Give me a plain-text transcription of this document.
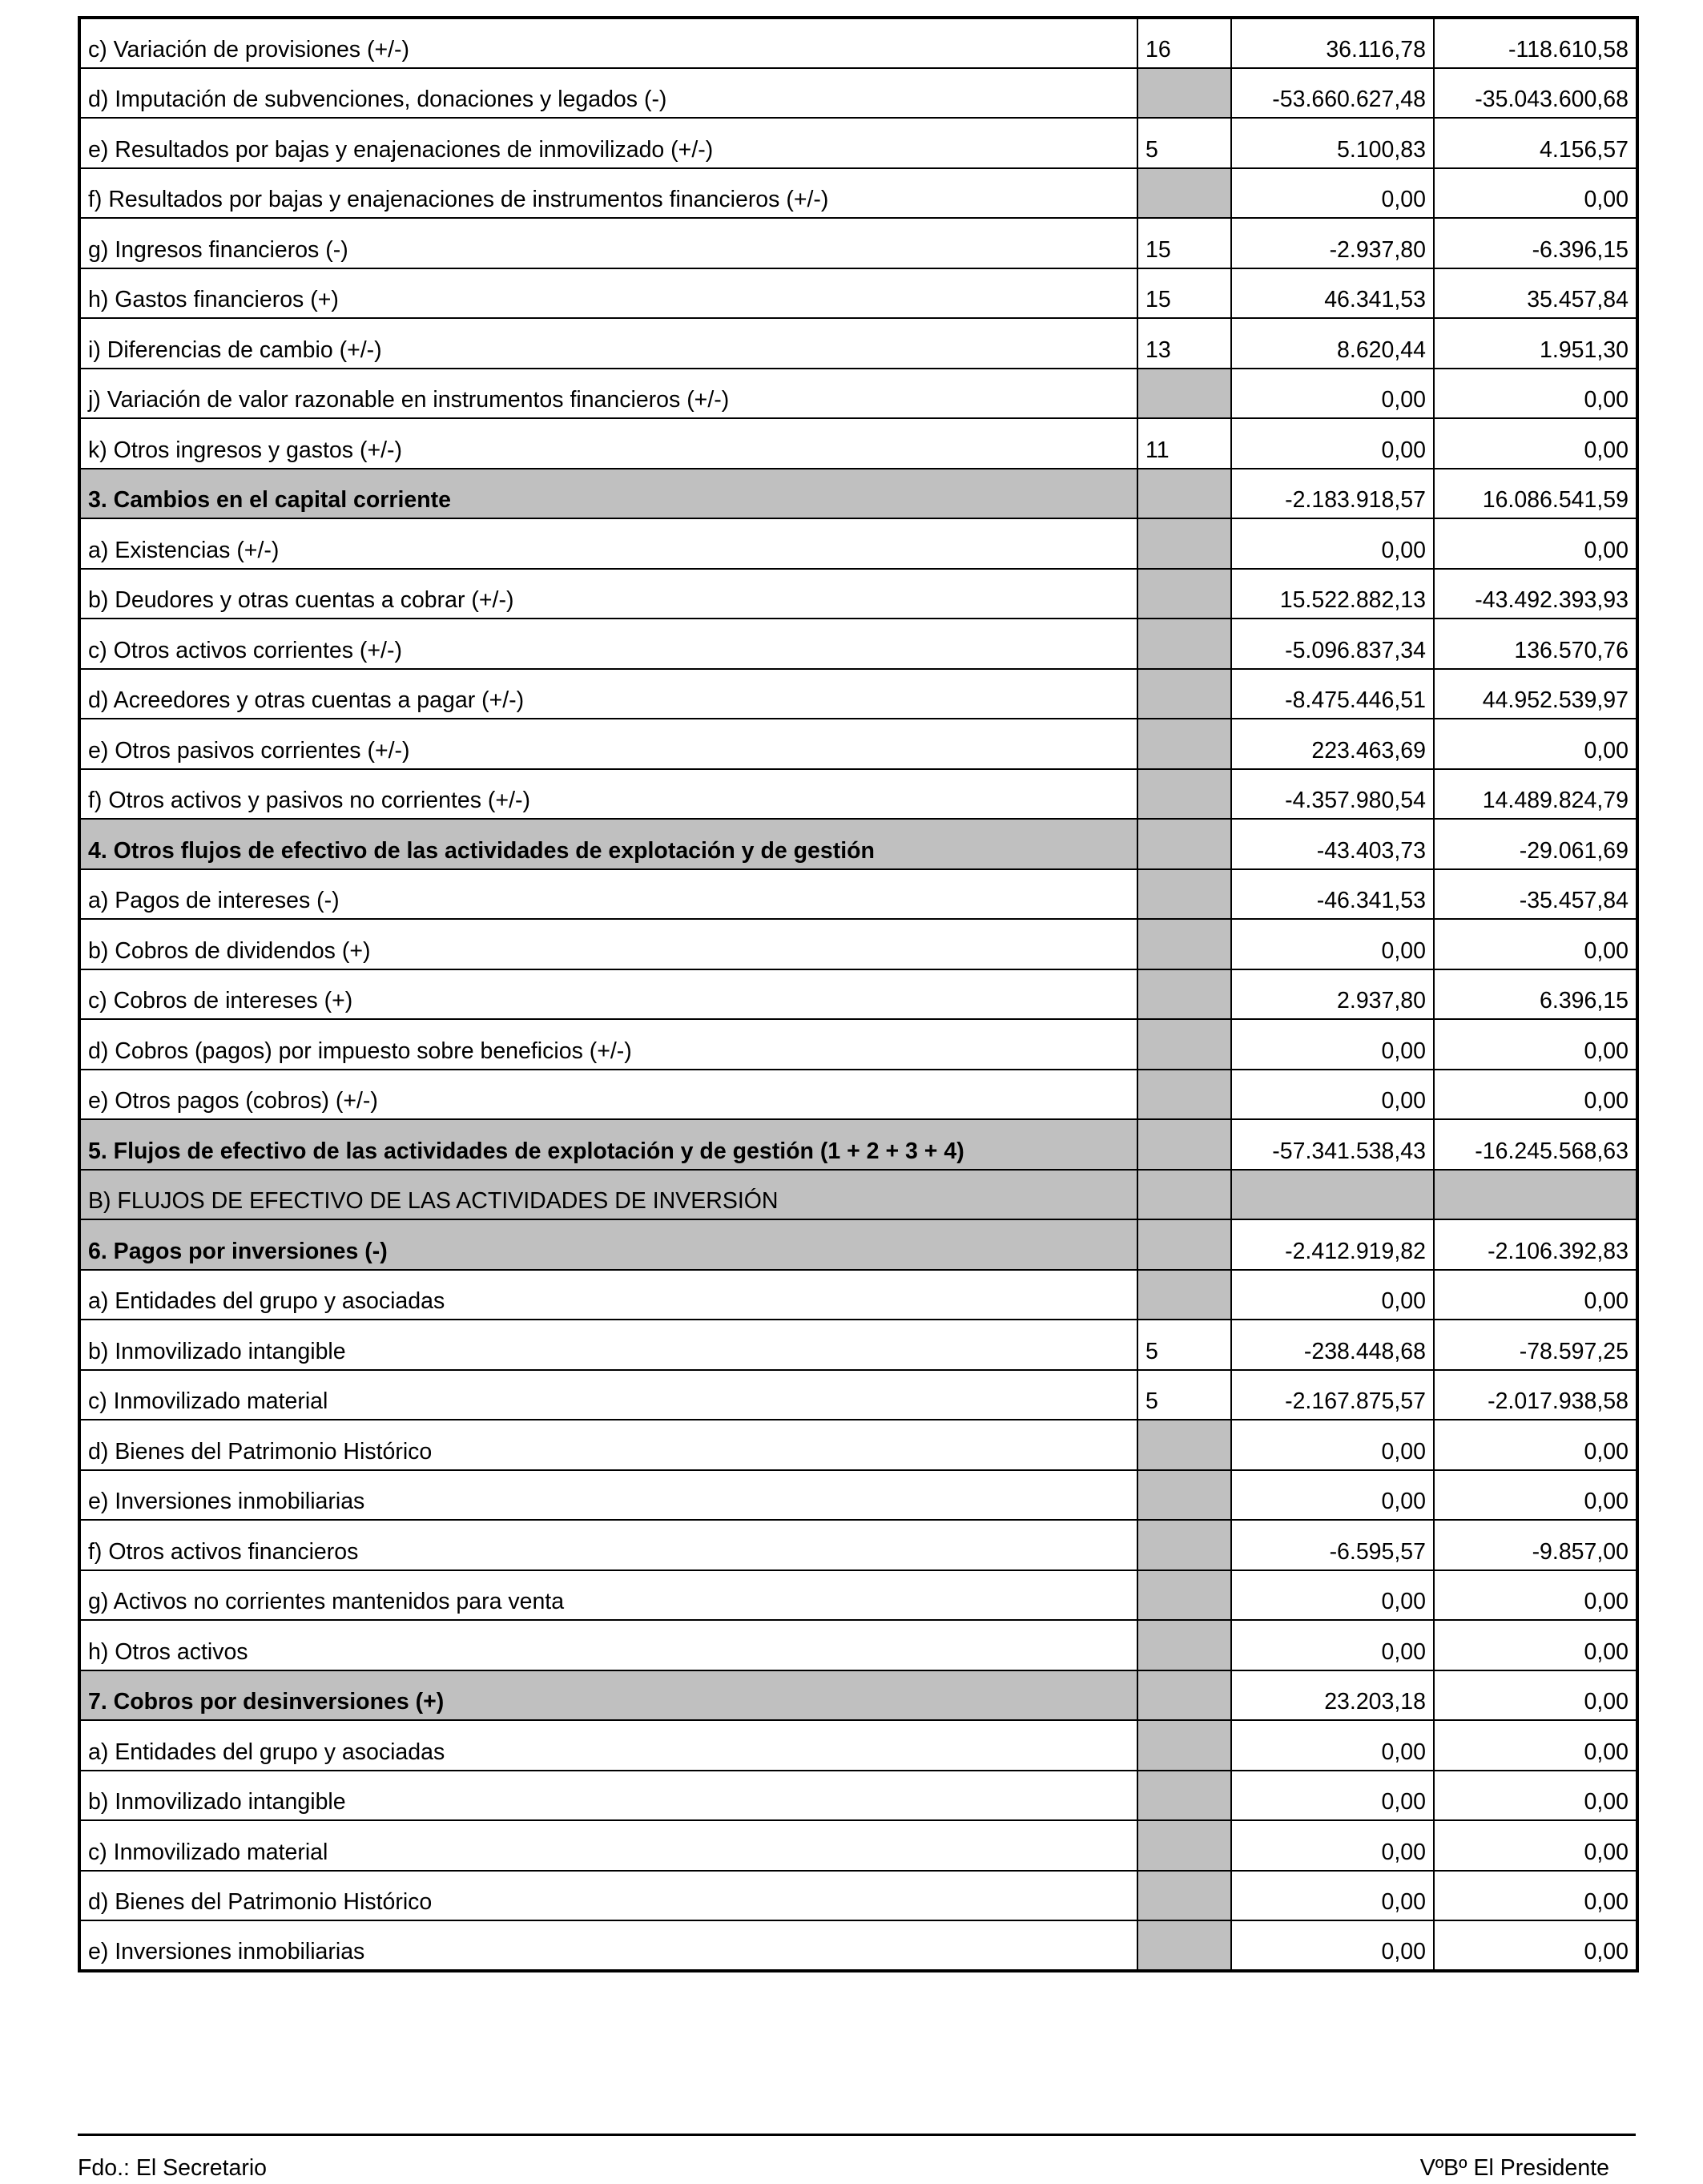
c) Variación de provisiones (+/-)	16	36.116,78	-118.610,58
d) Imputación de subvenciones, donaciones y legados (-)		-53.660.627,48	-35.043.600,68
e) Resultados por bajas y enajenaciones de inmovilizado (+/-)	5	5.100,83	4.156,57
f) Resultados por bajas y enajenaciones de instrumentos financieros (+/-)		0,00	0,00
g) Ingresos financieros (-)	15	-2.937,80	-6.396,15
h) Gastos financieros (+)	15	46.341,53	35.457,84
i) Diferencias de cambio (+/-)	13	8.620,44	1.951,30
j) Variación de valor razonable en instrumentos financieros (+/-)		0,00	0,00
k) Otros ingresos y gastos (+/-)	11	0,00	0,00
3. Cambios en el capital corriente		-2.183.918,57	16.086.541,59
a) Existencias (+/-)		0,00	0,00
b) Deudores y otras cuentas a cobrar (+/-)		15.522.882,13	-43.492.393,93
c) Otros activos corrientes (+/-)		-5.096.837,34	136.570,76
d) Acreedores y otras cuentas a pagar (+/-)		-8.475.446,51	44.952.539,97
e) Otros pasivos corrientes (+/-)		223.463,69	0,00
f) Otros activos y pasivos no corrientes (+/-)		-4.357.980,54	14.489.824,79
4. Otros flujos de efectivo de las actividades de explotación y de gestión		-43.403,73	-29.061,69
a) Pagos de intereses (-)		-46.341,53	-35.457,84
b) Cobros de dividendos (+)		0,00	0,00
c) Cobros de intereses (+)		2.937,80	6.396,15
d) Cobros (pagos) por impuesto sobre beneficios (+/-)		0,00	0,00
e) Otros pagos (cobros) (+/-)		0,00	0,00
5. Flujos de efectivo de las actividades de explotación y de gestión (1 + 2 + 3 + 4)		-57.341.538,43	-16.245.568,63
B) FLUJOS DE EFECTIVO DE LAS ACTIVIDADES DE INVERSIÓN			
6. Pagos por inversiones (-)		-2.412.919,82	-2.106.392,83
a) Entidades del grupo y asociadas		0,00	0,00
b) Inmovilizado intangible	5	-238.448,68	-78.597,25
c) Inmovilizado material	5	-2.167.875,57	-2.017.938,58
d) Bienes del Patrimonio Histórico		0,00	0,00
e) Inversiones inmobiliarias		0,00	0,00
f) Otros activos financieros		-6.595,57	-9.857,00
g) Activos no corrientes mantenidos para venta		0,00	0,00
h) Otros activos		0,00	0,00
7. Cobros por desinversiones (+)		23.203,18	0,00
a) Entidades del grupo y asociadas		0,00	0,00
b) Inmovilizado intangible		0,00	0,00
c) Inmovilizado material		0,00	0,00
d) Bienes del Patrimonio Histórico		0,00	0,00
e) Inversiones inmobiliarias		0,00	0,00
Fdo.: El Secretario	VºBº El Presidente
